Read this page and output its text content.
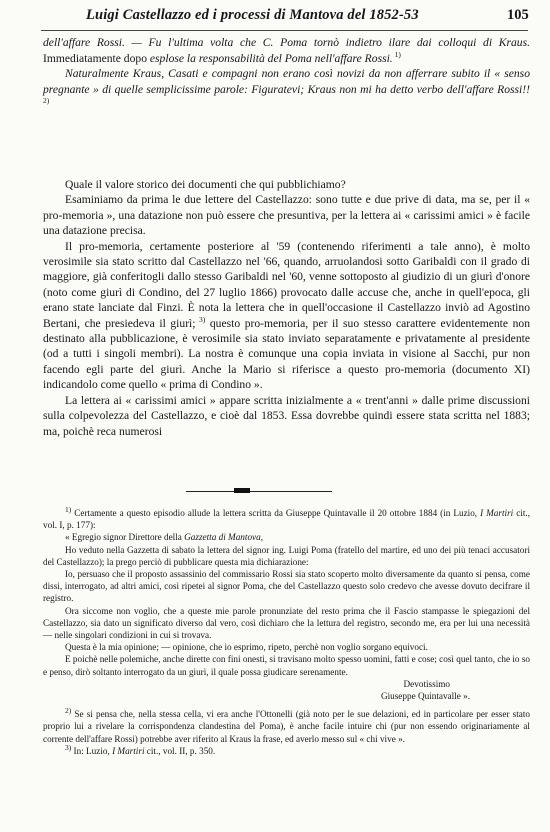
Luigi Castellazzo ed i processi di Mantova del 1852-53	105

dell'affare Rossi. — Fu l'ultima volta che C. Poma tornò indietro ilare dai colloqui di Kraus. Immediatamente dopo esplose la responsabilità del Poma nell'affare Rossi. $^{1)}$

Naturalmente Kraus, Casati e compagni non erano così novizi da non afferrare subito il « senso pregnante » di quelle semplicissime parole: Figuratevi; Kraus non mi ha detto verbo dell'affare Rossi!! $^{2)}$

Quale il valore storico dei documenti che qui pubblichiamo?

Esaminiamo da prima le due lettere del Castellazzo: sono tutte e due prive di data, ma se, per il « pro-memoria », una datazione non può essere che presuntiva, per la lettera ai « carissimi amici » è facile una datazione precisa.

Il pro-memoria, certamente posteriore al '59 (contenendo riferimenti a tale anno), è molto verosimile sia stato scritto dal Castellazzo nel '66, quando, arruolandosi sotto Garibaldi con il grado di maggiore, già conferitogli dallo stesso Garibaldi nel '60, venne sottoposto al giudizio di un giurì d'onore (noto come giurì di Condino, del 27 luglio 1866) provocato dalle accuse che, anche in quell'epoca, gli erano state lanciate dal Finzi. È nota la lettera che in quell'occasione il Castellazzo inviò ad Agostino Bertani, che presiedeva il giurì; $^{3)}$ questo pro-memoria, per il suo stesso carattere evidentemente non destinato alla pubblicazione, è verosimile sia stato inviato separatamente e privatamente al presidente (od a tutti i singoli membri). La nostra è comunque una copia inviata in visione al Sacchi, pur non facendo egli parte del giurì. Anche la Mario si riferisce a questo pro-memoria (documento XI) indicandolo come quello « prima di Condino ».

La lettera ai « carissimi amici » appare scritta inizialmente a « trent'anni » dalle prime discussioni sulla colpevolezza del Castellazzo, e cioè dal 1853. Essa dovrebbe quindi essere stata scritta nel 1883; ma, poichè reca numerosi

$^{1)}$ Certamente a questo episodio allude la lettera scritta da Giuseppe Quintavalle il 20 ottobre 1884 (in Luzio, I Martiri cit., vol. I, p. 177):

« Egregio signor Direttore della Gazzetta di Mantova,

Ho veduto nella Gazzetta di sabato la lettera del signor ing. Luigi Poma (fratello del martire, ed uno dei più tenaci accusatori del Castellazzo); la prego perciò di pubblicare questa mia dichiarazione:

Io, persuaso che il proposto assassinio del commissario Rossi sia stato scoperto molto diversamente da quanto si pensa, come dissi, interrogato, ad altri amici, così ripetei al signor Poma, che del Castellazzo questo solo credevo che avesse dovuto decifrare il registro.

Ora siccome non voglio, che a queste mie parole pronunziate del resto prima che il Fascio stampasse le spiegazioni del Castellazzo, sia dato un significato diverso dal vero, così dichiaro che la lettura del registro, secondo me, era per lui una necessità — nelle singolari condizioni in cui si trovava.

Questa è la mia opinione; — opinione, che io esprimo, ripeto, perchè non voglio sorgano equivoci.

E poichè nelle polemiche, anche dirette con fini onesti, si travisano molto spesso uomini, fatti e cose; così quel tanto, che io so e penso, dirò soltanto interrogato da un giurì, il quale possa giudicare serenamente.

Devotissimo

Giuseppe Quintavalle ».

$^{2)}$ Se si pensa che, nella stessa cella, vi era anche l'Ottonelli (già noto per le sue delazioni, ed in particolare per esser stato proprio lui a rivelare la corrispondenza clandestina del Poma), è anche facile intuire chi (pur non essendo originariamente al corrente dell'affare Rossi) potrebbe aver riferito al Kraus la frase, ed averlo messo sul « chi vive ».

$^{3)}$ In: Luzio, I Martiri cit., vol. II, p. 350.
